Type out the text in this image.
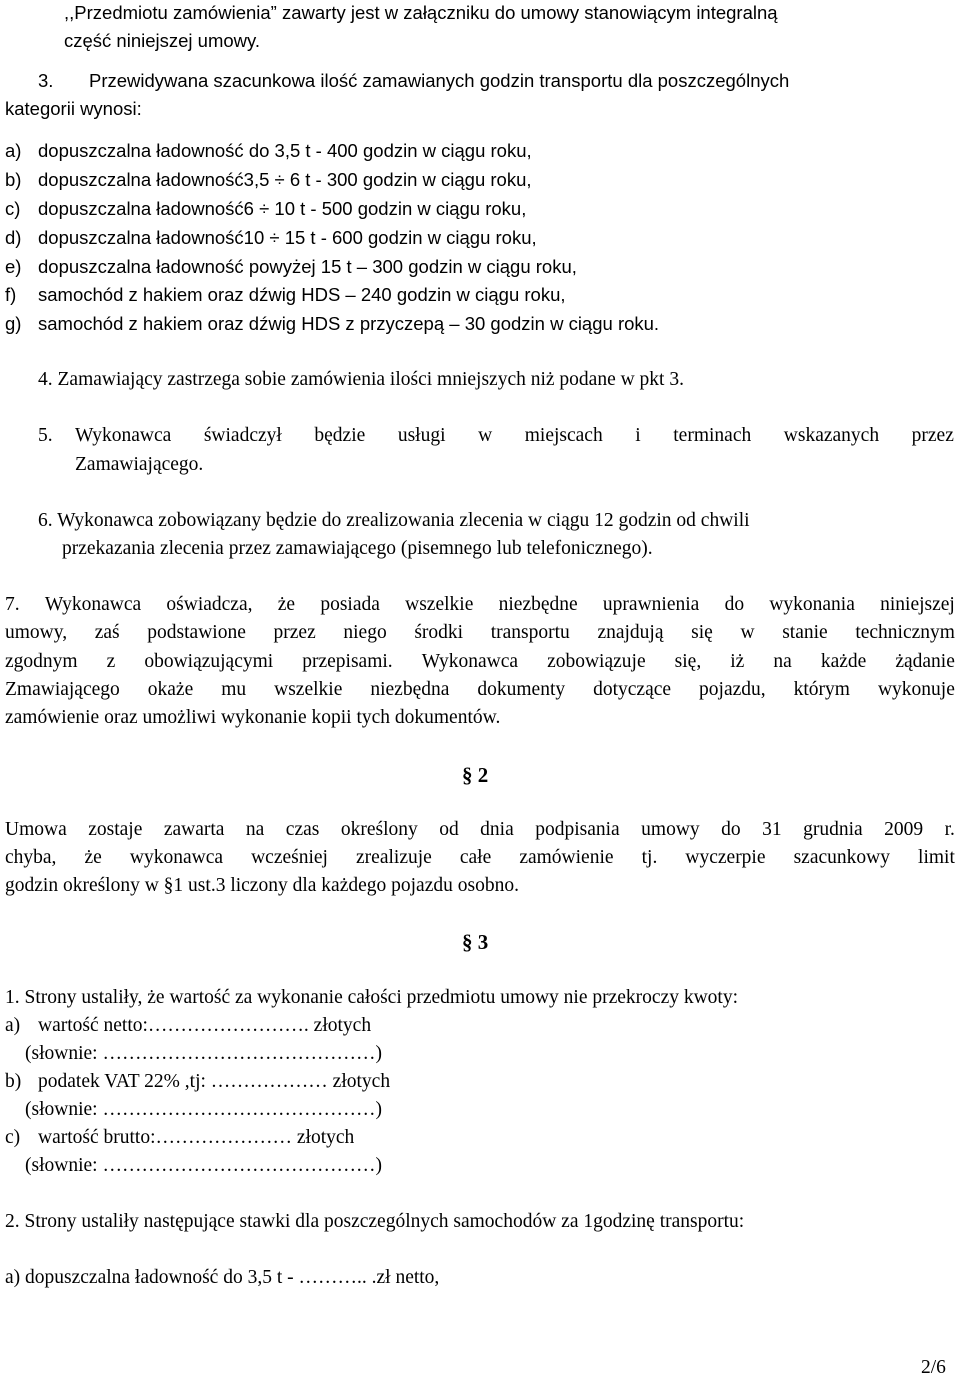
,,Przedmiotu zamówienia” zawarty jest w załączniku do umowy stanowiącym integralną
część niniejszej umowy.
3. Przewidywana szacunkowa ilość zamawianych godzin transportu dla poszczególnych
kategorii wynosi:
a) dopuszczalna ładowność do 3,5 t - 400 godzin w ciągu roku,
b) dopuszczalna ładowność3,5 ÷ 6 t - 300 godzin w ciągu roku,
c) dopuszczalna ładowność6 ÷ 10 t - 500 godzin w ciągu roku,
d) dopuszczalna ładowność10 ÷ 15 t - 600 godzin w ciągu roku,
e) dopuszczalna ładowność powyżej 15 t – 300 godzin w ciągu roku,
f) samochód z hakiem oraz dźwig HDS – 240 godzin w ciągu roku,
g) samochód z hakiem oraz dźwig HDS z przyczepą – 30 godzin w ciągu roku.
4. Zamawiający zastrzega sobie zamówienia ilości mniejszych niż podane w pkt 3.
5. Wykonawca świadczył będzie usługi w miejscach i terminach wskazanych przez
Zamawiającego.
6. Wykonawca zobowiązany będzie do zrealizowania zlecenia w ciągu 12 godzin od chwili
przekazania zlecenia przez zamawiającego (pisemnego lub telefonicznego).
7. Wykonawca oświadcza, że posiada wszelkie niezbędne uprawnienia do wykonania niniejszej
umowy, zaś podstawione przez niego środki transportu znajdują się w stanie technicznym
zgodnym z obowiązującymi przepisami. Wykonawca zobowiązuje się, iż na każde żądanie
Zmawiającego okaże mu wszelkie niezbędna dokumenty dotyczące pojazdu, którym wykonuje
zamówienie oraz umożliwi wykonanie kopii tych dokumentów.
§ 2
Umowa zostaje zawarta na czas określony od dnia podpisania umowy do 31 grudnia 2009 r.
chyba, że wykonawca wcześniej zrealizuje całe zamówienie tj. wyczerpie szacunkowy limit
godzin określony w §1 ust.3 liczony dla każdego pojazdu osobno.
§ 3
1. Strony ustaliły, że wartość za wykonanie całości przedmiotu umowy nie przekroczy kwoty:
a) wartość netto:……………………. złotych
(słownie: ……………………………………)
b) podatek VAT 22% ,tj: ……………… złotych
(słownie: ……………………………………)
c) wartość brutto:………………… złotych
(słownie: ……………………………………)
2. Strony ustaliły następujące stawki dla poszczególnych samochodów za 1godzinę transportu:
a) dopuszczalna ładowność do 3,5 t - ……….. .zł netto,
2/6
